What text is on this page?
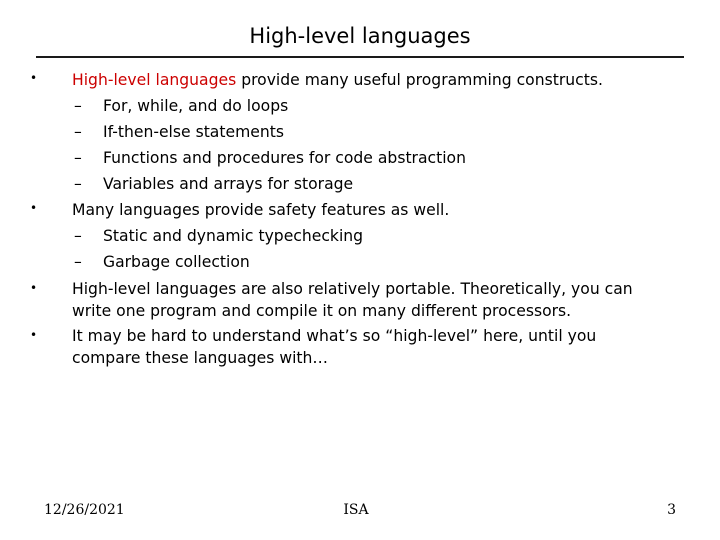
High-level languages
• High-level languages provide many useful programming constructs.
– For, while, and do loops
– If-then-else statements
– Functions and procedures for code abstraction
– Variables and arrays for storage
• Many languages provide safety features as well.
– Static and dynamic typechecking
– Garbage collection
• High-level languages are also relatively portable. Theoretically, you can
write one program and compile it on many different processors.
• It may be hard to understand what’s so “high-level” here, until you
compare these languages with…
12/26/2021	ISA	3
